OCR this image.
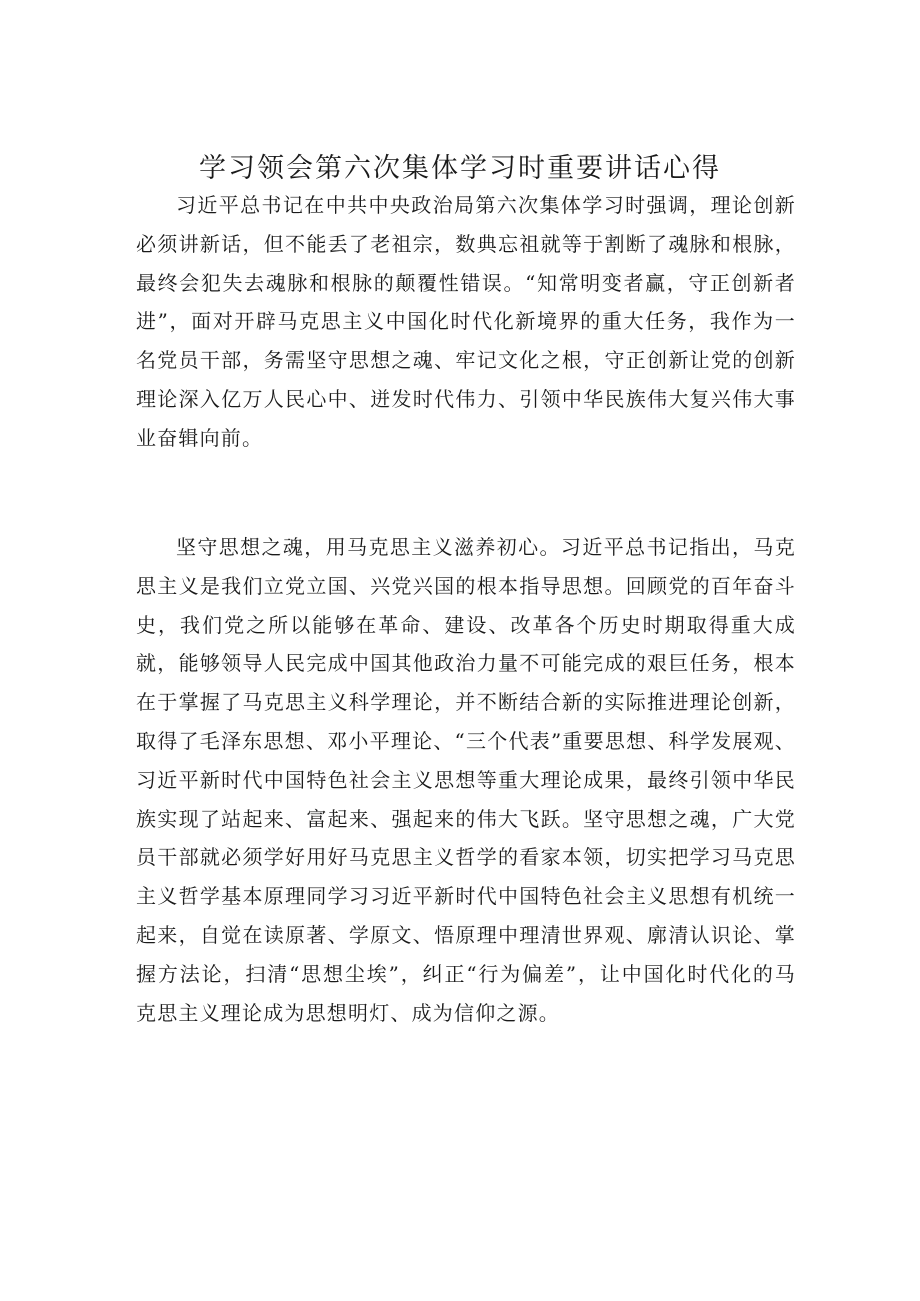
学习领会第六次集体学习时重要讲话心得

习近平总书记在中共中央政治局第六次集体学习时强调，理论创新必须讲新话，但不能丢了老祖宗，数典忘祖就等于割断了魂脉和根脉，最终会犯失去魂脉和根脉的颠覆性错误。“知常明变者赢，守正创新者进”，面对开辟马克思主义中国化时代化新境界的重大任务，我作为一名党员干部，务需坚守思想之魂、牢记文化之根，守正创新让党的创新理论深入亿万人民心中、迸发时代伟力、引领中华民族伟大复兴伟大事业奋辑向前。

坚守思想之魂，用马克思主义滋养初心。习近平总书记指出，马克思主义是我们立党立国、兴党兴国的根本指导思想。回顾党的百年奋斗史，我们党之所以能够在革命、建设、改革各个历史时期取得重大成就，能够领导人民完成中国其他政治力量不可能完成的艰巨任务，根本在于掌握了马克思主义科学理论，并不断结合新的实际推进理论创新，取得了毛泽东思想、邓小平理论、“三个代表”重要思想、科学发展观、习近平新时代中国特色社会主义思想等重大理论成果，最终引领中华民族实现了站起来、富起来、强起来的伟大飞跃。坚守思想之魂，广大党员干部就必须学好用好马克思主义哲学的看家本领，切实把学习马克思主义哲学基本原理同学习习近平新时代中国特色社会主义思想有机统一起来，自觉在读原著、学原文、悟原理中理清世界观、廓清认识论、掌握方法论，扫清“思想尘埃”，纠正“行为偏差”，让中国化时代化的马克思主义理论成为思想明灯、成为信仰之源。
